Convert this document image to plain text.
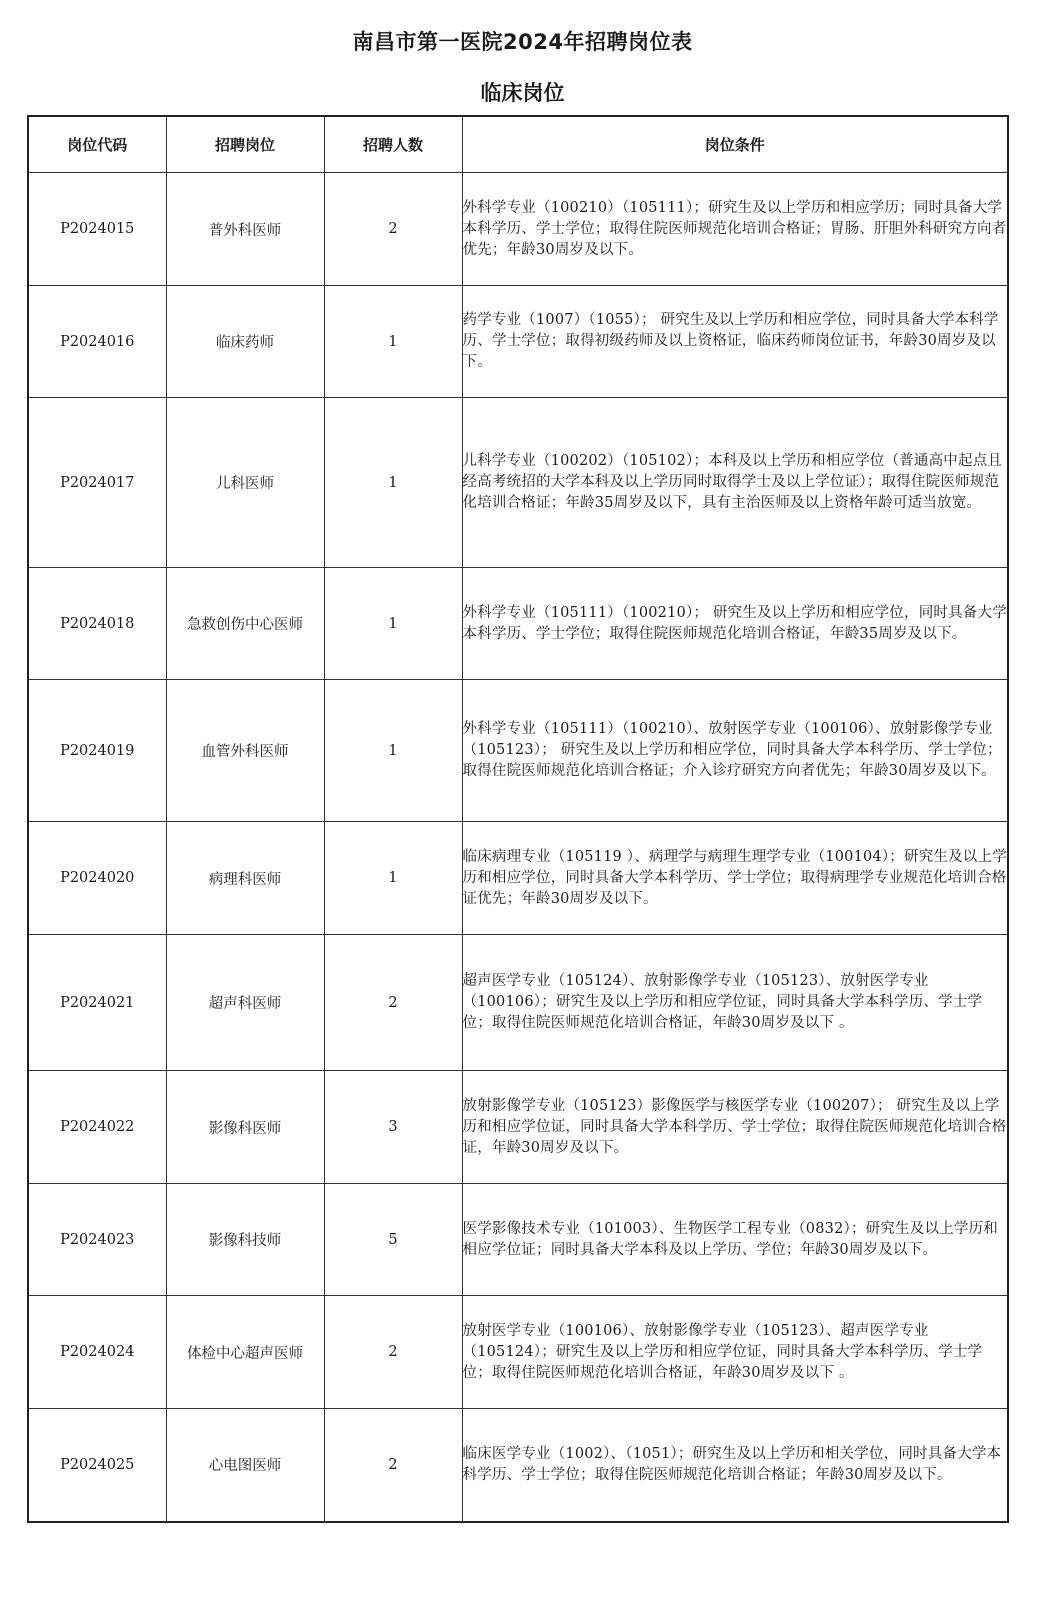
南昌市第一医院2024年招聘岗位表
临床岗位
岗位代码	招聘岗位	招聘人数	岗位条件
P2024015	普外科医师	2	外科学专业（100210）（105111）；研究生及以上学历和相应学历；同时具备大学本科学历、学士学位；取得住院医师规范化培训合格证；胃肠、肝胆外科研究方向者优先；年龄30周岁及以下。
P2024016	临床药师	1	药学专业（1007）（1055）； 研究生及以上学历和相应学位，同时具备大学本科学历、学士学位；取得初级药师及以上资格证，临床药师岗位证书，年龄30周岁及以下。
P2024017	儿科医师	1	儿科学专业（100202）（105102）；本科及以上学历和相应学位（普通高中起点且经高考统招的大学本科及以上学历同时取得学士及以上学位证）；取得住院医师规范化培训合格证；年龄35周岁及以下，具有主治医师及以上资格年龄可适当放宽。
P2024018	急救创伤中心医师	1	外科学专业（105111）（100210）； 研究生及以上学历和相应学位，同时具备大学本科学历、学士学位；取得住院医师规范化培训合格证，年龄35周岁及以下。
P2024019	血管外科医师	1	外科学专业（105111）（100210）、放射医学专业（100106）、放射影像学专业（105123）； 研究生及以上学历和相应学位，同时具备大学本科学历、学士学位；取得住院医师规范化培训合格证；介入诊疗研究方向者优先；年龄30周岁及以下。
P2024020	病理科医师	1	临床病理专业（105119 ）、病理学与病理生理学专业（100104）；研究生及以上学历和相应学位，同时具备大学本科学历、学士学位；取得病理学专业规范化培训合格证优先；年龄30周岁及以下。
P2024021	超声科医师	2	超声医学专业（105124）、放射影像学专业（105123）、放射医学专业（100106）；研究生及以上学历和相应学位证，同时具备大学本科学历、学士学位；取得住院医师规范化培训合格证，年龄30周岁及以下 。
P2024022	影像科医师	3	放射影像学专业（105123）影像医学与核医学专业（100207）； 研究生及以上学历和相应学位证，同时具备大学本科学历、学士学位；取得住院医师规范化培训合格证，年龄30周岁及以下。
P2024023	影像科技师	5	医学影像技术专业（101003）、生物医学工程专业（0832）；研究生及以上学历和相应学位证；同时具备大学本科及以上学历、学位；年龄30周岁及以下。
P2024024	体检中心超声医师	2	放射医学专业（100106）、放射影像学专业（105123）、超声医学专业（105124）；研究生及以上学历和相应学位证，同时具备大学本科学历、学士学位；取得住院医师规范化培训合格证，年龄30周岁及以下 。
P2024025	心电图医师	2	临床医学专业（1002）、（1051）；研究生及以上学历和相关学位，同时具备大学本科学历、学士学位；取得住院医师规范化培训合格证；年龄30周岁及以下。
